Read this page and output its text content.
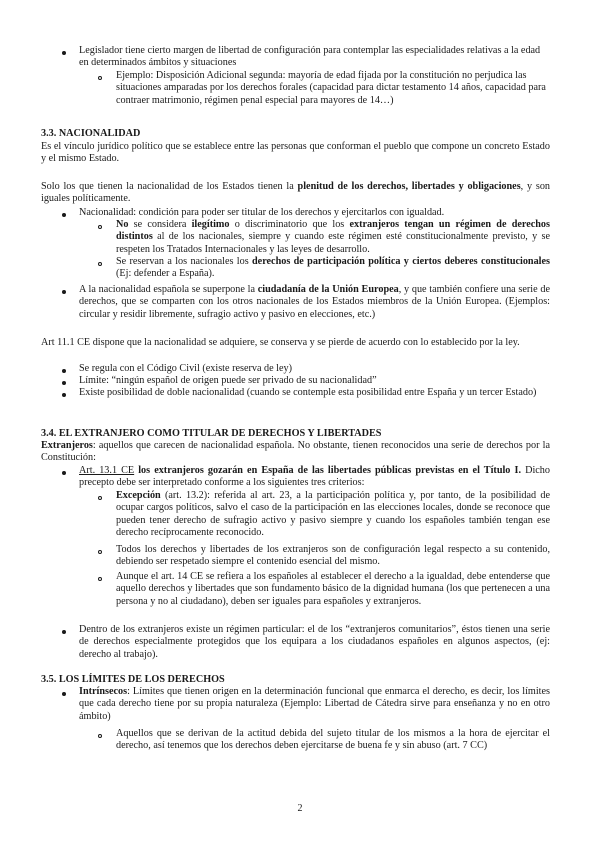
Legislador tiene cierto margen de libertad de configuración para contemplar las especialidades relativas a la edad en determinados ámbitos y situaciones
Ejemplo: Disposición Adicional segunda: mayoría de edad fijada por la constitución no perjudica las situaciones amparadas por los derechos forales (capacidad para dictar testamento 14 años, capacidad para contraer matrimonio, régimen penal especial para mayores de 14…)
3.3. NACIONALIDAD
Es el vínculo jurídico político que se establece entre las personas que conforman el pueblo que compone un concreto Estado y el mismo Estado.
Solo los que tienen la nacionalidad de los Estados tienen la plenitud de los derechos, libertades y obligaciones, y son iguales políticamente.
Nacionalidad: condición para poder ser titular de los derechos y ejercitarlos con igualdad.
No se considera ilegítimo o discriminatorio que los extranjeros tengan un régimen de derechos distintos al de los nacionales, siempre y cuando este régimen esté constitucionalmente previsto, y se respeten los Tratados Internacionales y las leyes de desarrollo.
Se reservan a los nacionales los derechos de participación política y ciertos deberes constitucionales (Ej: defender a España).
A la nacionalidad española se superpone la ciudadanía de la Unión Europea, y que también confiere una serie de derechos, que se comparten con los otros nacionales de los Estados miembros de la Unión Europea. (Ejemplos: circular y residir libremente, sufragio activo y pasivo en elecciones, etc.)
Art 11.1 CE dispone que la nacionalidad se adquiere, se conserva y se pierde de acuerdo con lo establecido por la ley.
Se regula con el Código Civil (existe reserva de ley)
Límite: “ningún español de origen puede ser privado de su nacionalidad”
Existe posibilidad de doble nacionalidad (cuando se contemple esta posibilidad entre España y un tercer Estado)
3.4. EL EXTRANJERO COMO TITULAR DE DERECHOS Y LIBERTADES
Extranjeros: aquellos que carecen de nacionalidad española. No obstante, tienen reconocidos una serie de derechos por la Constitución:
Art. 13.1 CE los extranjeros gozarán en España de las libertades públicas previstas en el Título I. Dicho precepto debe ser interpretado conforme a los siguientes tres criterios:
Excepción (art. 13.2): referida al art. 23, a la participación política y, por tanto, de la posibilidad de ocupar cargos políticos, salvo el caso de la participación en las elecciones locales, donde se reconoce que pueden tener derecho de sufragio activo y pasivo siempre y cuando los españoles también tengan ese derecho recíprocamente reconocido.
Todos los derechos y libertades de los extranjeros son de configuración legal respecto a su contenido, debiendo ser respetado siempre el contenido esencial del mismo.
Aunque el art. 14 CE se refiera a los españoles al establecer el derecho a la igualdad, debe entenderse que aquello derechos y libertades que son fundamento básico de la dignidad humana (los que pertenecen a una persona y no al ciudadano), deben ser iguales para españoles y extranjeros.
Dentro de los extranjeros existe un régimen particular: el de los “extranjeros comunitarios”, éstos tienen una serie de derechos especialmente protegidos que los equipara a los ciudadanos españoles en algunos aspectos, (ej: derecho al trabajo).
3.5. LOS LÍMITES DE LOS DERECHOS
Intrínsecos: Límites que tienen origen en la determinación funcional que enmarca el derecho, es decir, los límites que cada derecho tiene por su propia naturaleza (Ejemplo: Libertad de Cátedra sirve para enseñanza y no en otro ámbito)
Aquellos que se derivan de la actitud debida del sujeto titular de los mismos a la hora de ejercitar el derecho, así tenemos que los derechos deben ejercitarse de buena fe y sin abuso (art. 7 CC)
2
